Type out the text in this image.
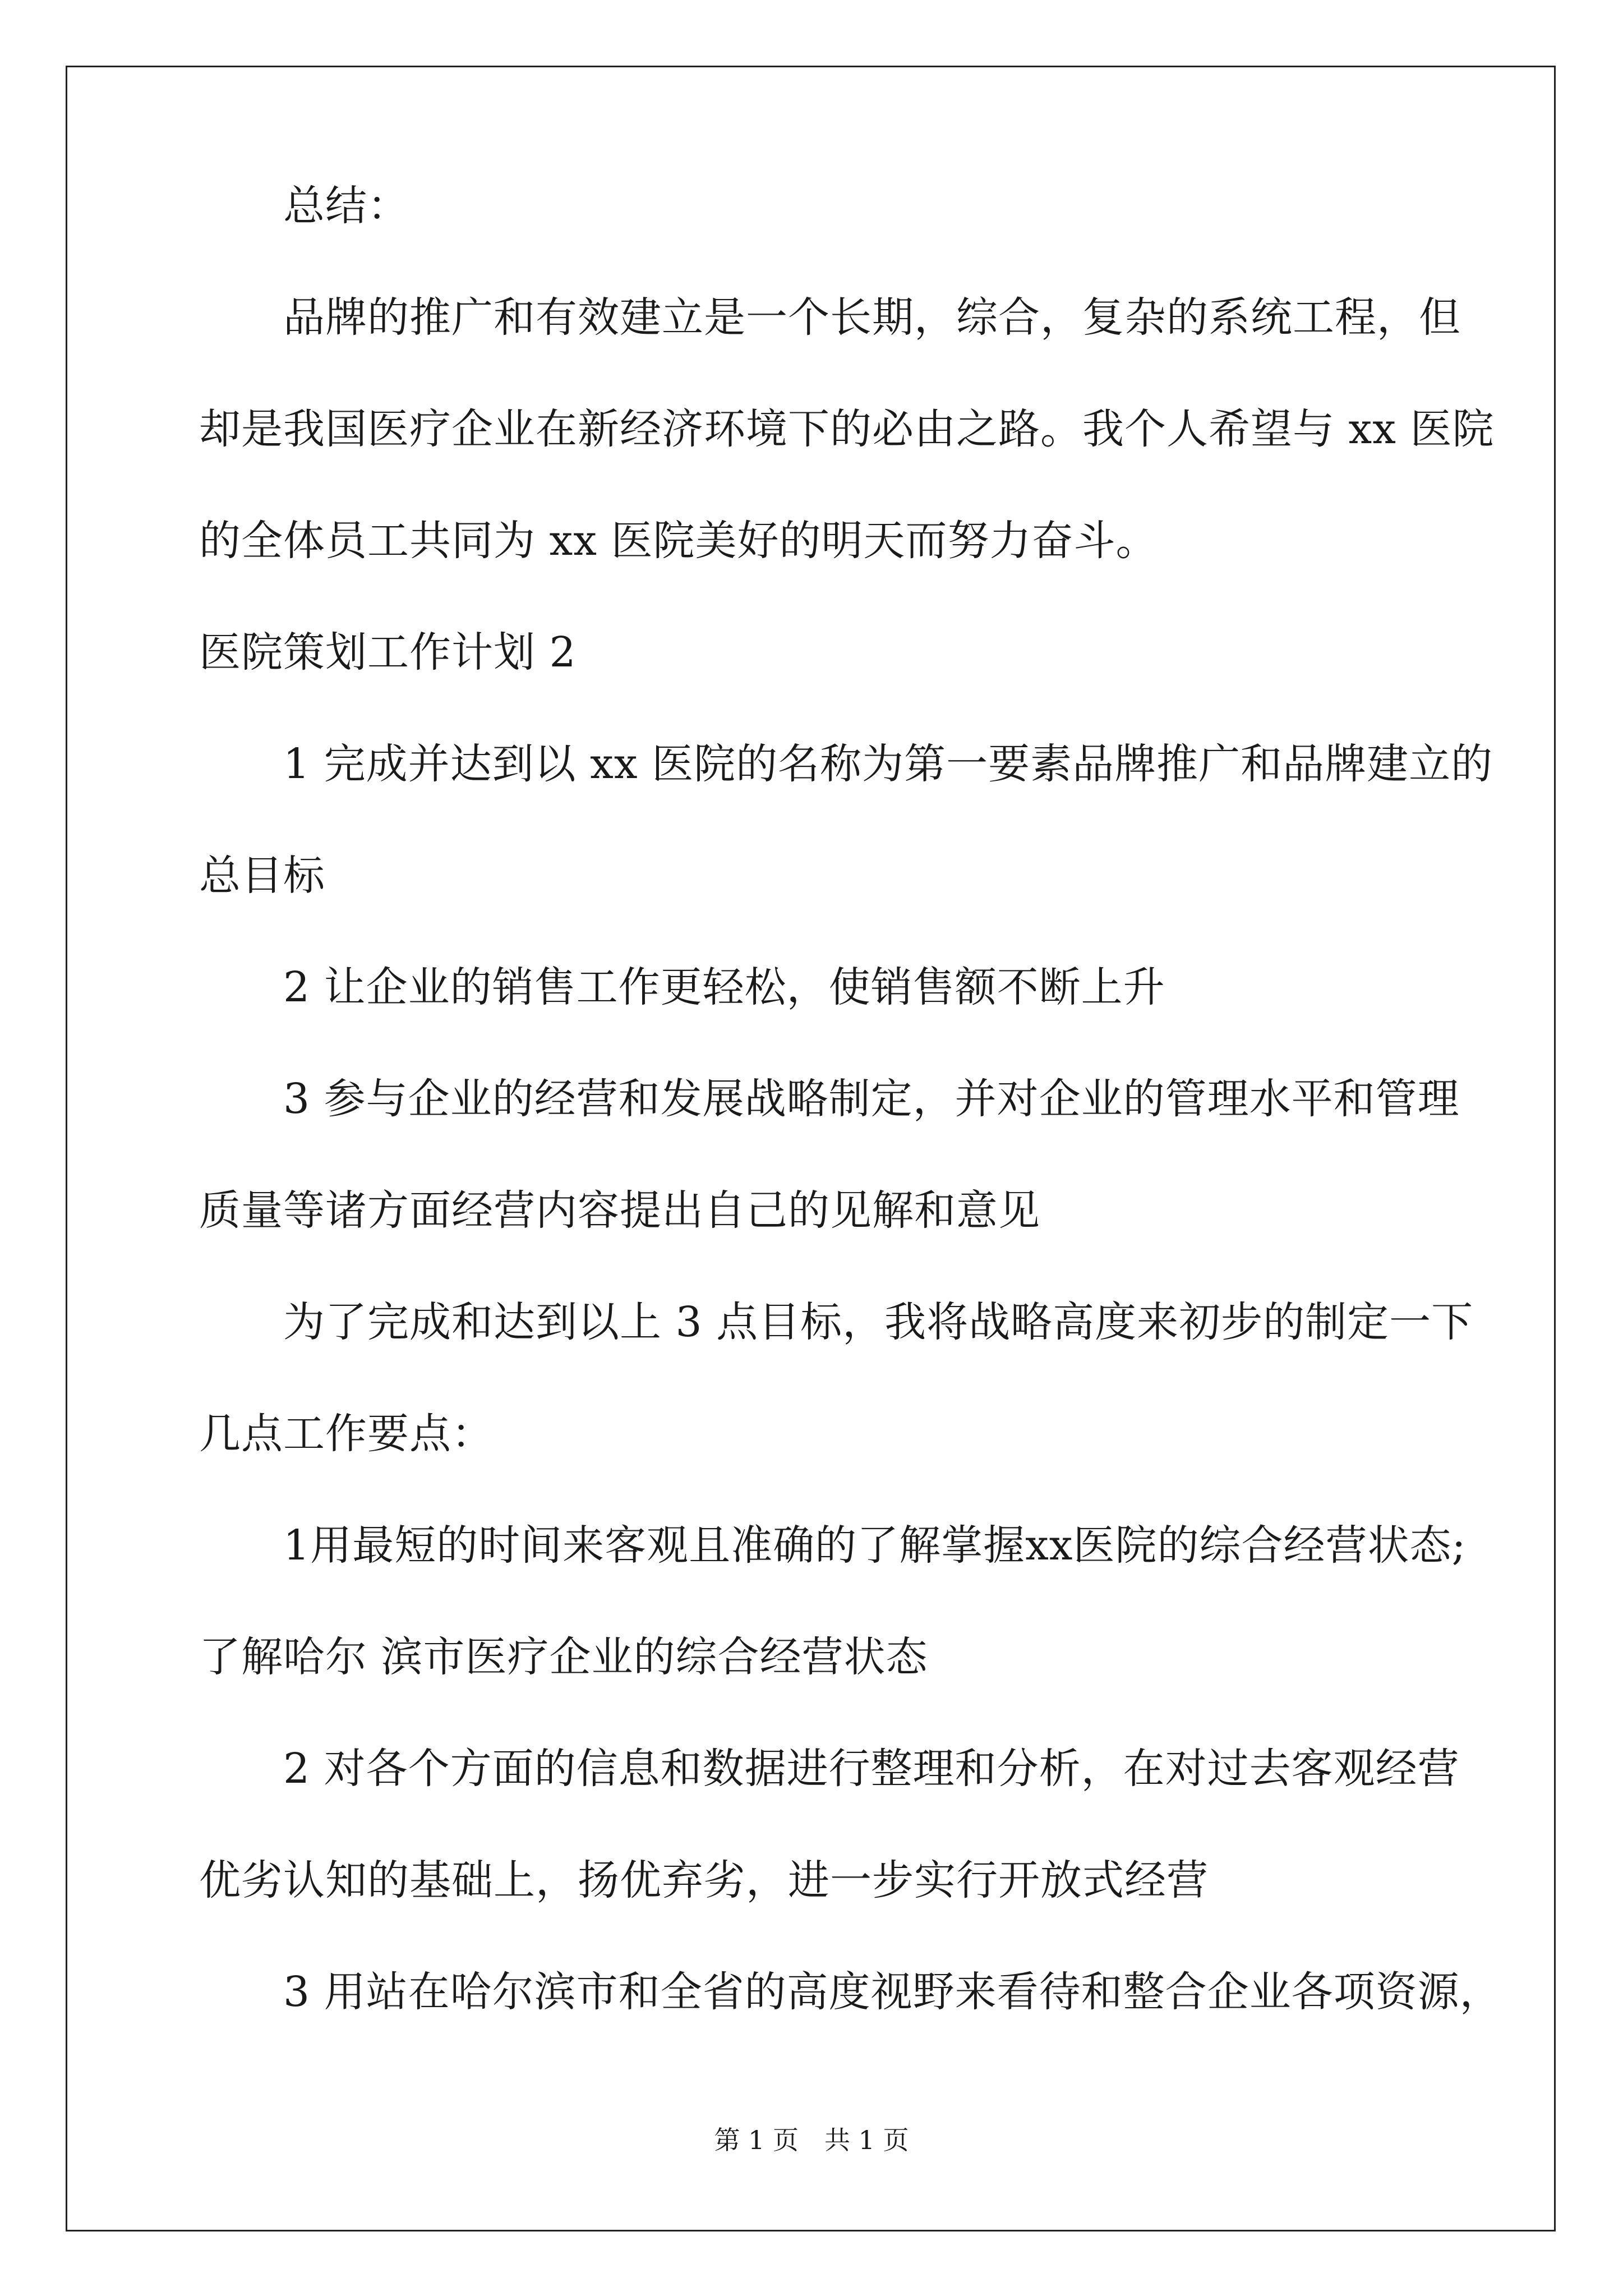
总结：
品牌的推广和有效建立是一个长期，综合，复杂的系统工程，但
却是我国医疗企业在新经济环境下的必由之路。我个人希望与 xx 医院
的全体员工共同为 xx 医院美好的明天而努力奋斗。
医院策划工作计划 2
1 完成并达到以 xx 医院的名称为第一要素品牌推广和品牌建立的
总目标
2 让企业的销售工作更轻松，使销售额不断上升
3 参与企业的经营和发展战略制定，并对企业的管理水平和管理
质量等诸方面经营内容提出自己的见解和意见
为了完成和达到以上 3 点目标，我将战略高度来初步的制定一下
几点工作要点：
1用最短的时间来客观且准确的了解掌握xx医院的综合经营状态;
了解哈尔 滨市医疗企业的综合经营状态
2 对各个方面的信息和数据进行整理和分析，在对过去客观经营
优劣认知的基础上，扬优弃劣，进一步实行开放式经营
3 用站在哈尔滨市和全省的高度视野来看待和整合企业各项资源，
第 1 页　共 1 页
